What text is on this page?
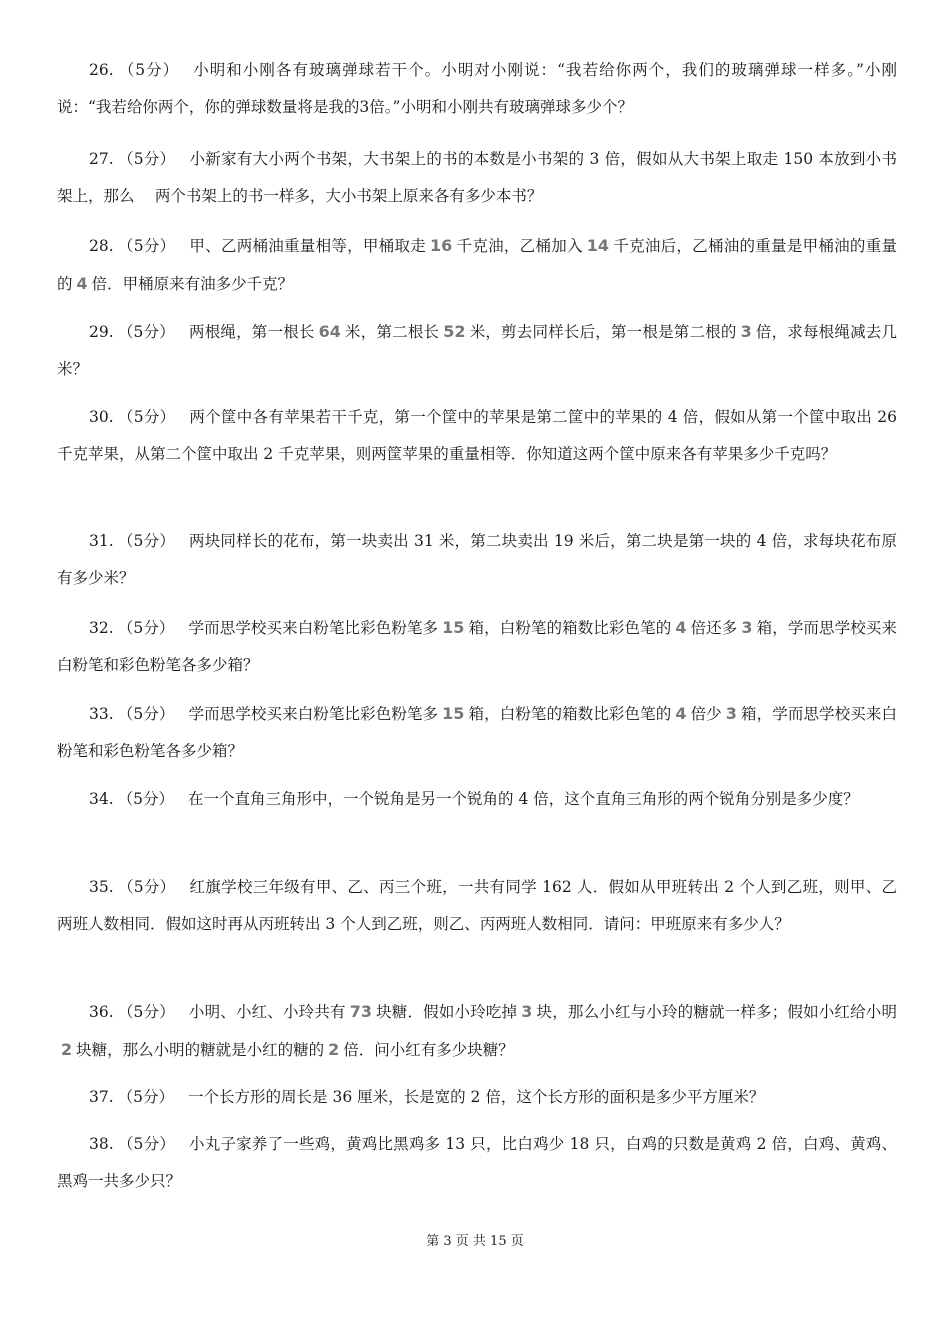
26. （5分） 小明和小刚各有玻璃弹球若干个。小明对小刚说：“我若给你两个，我们的玻璃弹球一样多。”小刚说：“我若给你两个，你的弹球数量将是我的3倍。”小明和小刚共有玻璃弹球多少个？

27. （5分） 小新家有大小两个书架，大书架上的书的本数是小书架的 3 倍，假如从大书架上取走 150 本放到小书架上，那么　 两个书架上的书一样多，大小书架上原来各有多少本书？

28. （5分） 甲、乙两桶油重量相等，甲桶取走 16 千克油，乙桶加入 14 千克油后，乙桶油的重量是甲桶油的重量的 4 倍．甲桶原来有油多少千克？

29. （5分） 两根绳，第一根长 64 米，第二根长 52 米，剪去同样长后，第一根是第二根的 3 倍，求每根绳减去几米？

30. （5分） 两个筐中各有苹果若干千克，第一个筐中的苹果是第二筐中的苹果的 4 倍，假如从第一个筐中取出 26 千克苹果，从第二个筐中取出 2 千克苹果，则两筐苹果的重量相等．你知道这两个筐中原来各有苹果多少千克吗？

31. （5分） 两块同样长的花布，第一块卖出 31 米，第二块卖出 19 米后，第二块是第一块的 4 倍，求每块花布原有多少米？

32. （5分） 学而思学校买来白粉笔比彩色粉笔多 15 箱，白粉笔的箱数比彩色笔的 4 倍还多 3 箱，学而思学校买来白粉笔和彩色粉笔各多少箱？

33. （5分） 学而思学校买来白粉笔比彩色粉笔多 15 箱，白粉笔的箱数比彩色笔的 4 倍少 3 箱，学而思学校买来白粉笔和彩色粉笔各多少箱？

34. （5分） 在一个直角三角形中，一个锐角是另一个锐角的 4 倍，这个直角三角形的两个锐角分别是多少度？

35. （5分） 红旗学校三年级有甲、乙、丙三个班，一共有同学 162 人．假如从甲班转出 2 个人到乙班，则甲、乙两班人数相同．假如这时再从丙班转出 3 个人到乙班，则乙、丙两班人数相同．请问：甲班原来有多少人？

36. （5分） 小明、小红、小玲共有 73 块糖．假如小玲吃掉 3 块，那么小红与小玲的糖就一样多；假如小红给小明2 块糖，那么小明的糖就是小红的糖的 2 倍．问小红有多少块糖？

37. （5分） 一个长方形的周长是 36 厘米，长是宽的 2 倍，这个长方形的面积是多少平方厘米？

38. （5分） 小丸子家养了一些鸡，黄鸡比黑鸡多 13 只，比白鸡少 18 只，白鸡的只数是黄鸡 2 倍，白鸡、黄鸡、黑鸡一共多少只？

第 3 页 共 15 页
